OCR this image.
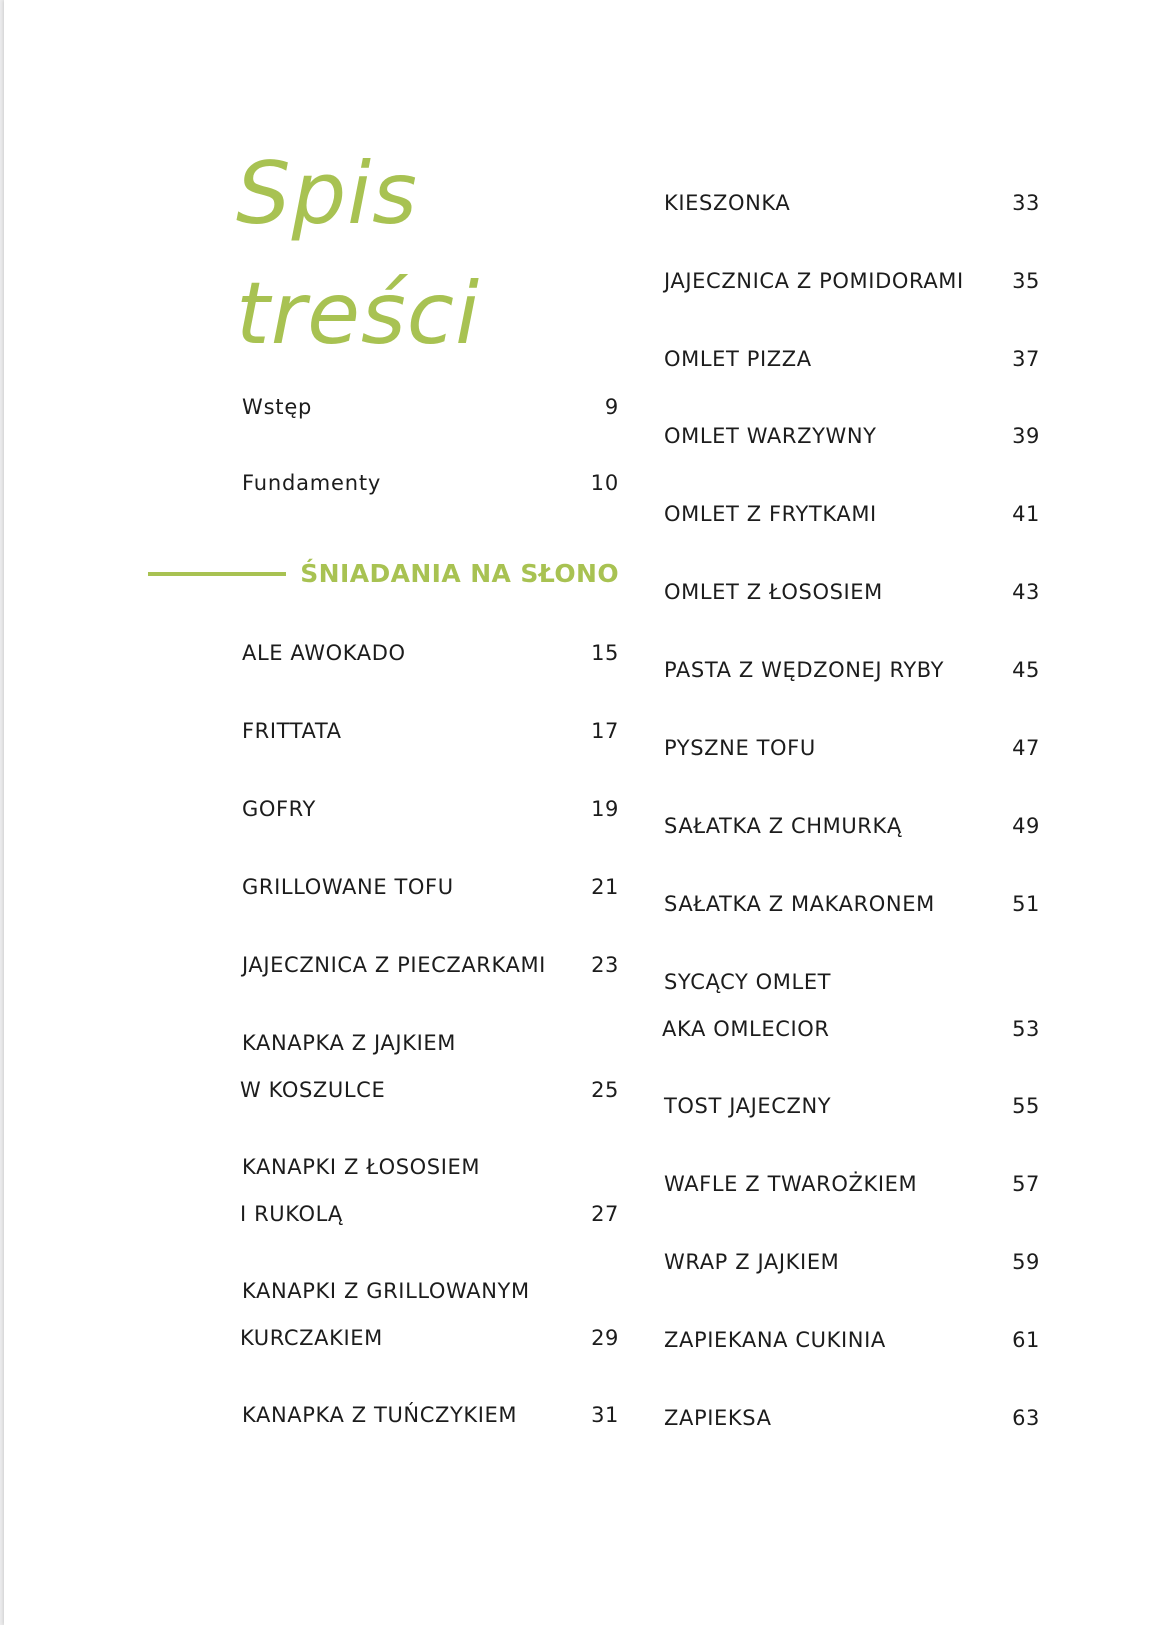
Spis
treści
Wstęp	9
Fundamenty	10
ŚNIADANIA NA SŁONO
ALE AWOKADO	15
FRITTATA	17
GOFRY	19
GRILLOWANE TOFU	21
JAJECZNICA Z PIECZARKAMI	23
KANAPKA Z JAJKIEM
W KOSZULCE	25
KANAPKI Z ŁOSOSIEM
I RUKOLĄ	27
KANAPKI Z GRILLOWANYM
KURCZAKIEM	29
KANAPKA Z TUŃCZYKIEM	31
KIESZONKA	33
JAJECZNICA Z POMIDORAMI	35
OMLET PIZZA	37
OMLET WARZYWNY	39
OMLET Z FRYTKAMI	41
OMLET Z ŁOSOSIEM	43
PASTA Z WĘDZONEJ RYBY	45
PYSZNE TOFU	47
SAŁATKA Z CHMURKĄ	49
SAŁATKA Z MAKARONEM	51
SYCĄCY OMLET
AKA OMLECIOR	53
TOST JAJECZNY	55
WAFLE Z TWAROŻKIEM	57
WRAP Z JAJKIEM	59
ZAPIEKANA CUKINIA	61
ZAPIEKSA	63
